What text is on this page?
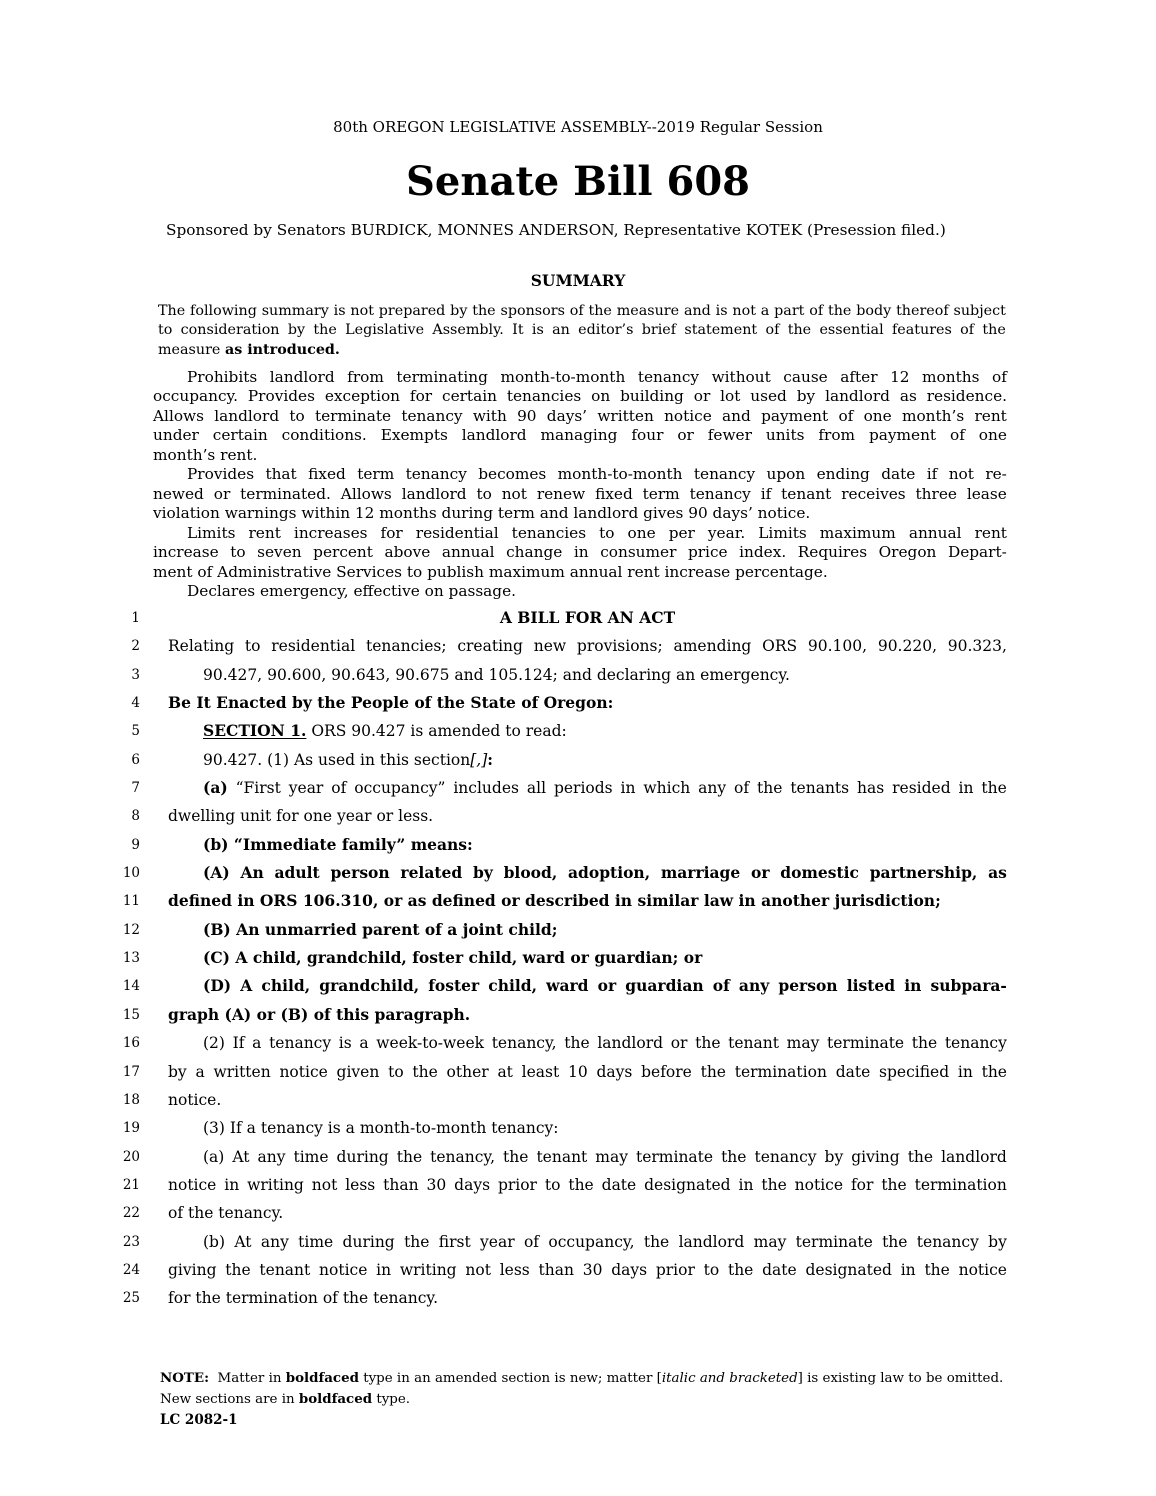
80th OREGON LEGISLATIVE ASSEMBLY--2019 Regular Session
Senate Bill 608
Sponsored by Senators BURDICK, MONNES ANDERSON, Representative KOTEK (Presession filed.)
SUMMARY
The following summary is not prepared by the sponsors of the measure and is not a part of the body thereof subject
to consideration by the Legislative Assembly. It is an editor’s brief statement of the essential features of the
measure as introduced.
Prohibits landlord from terminating month-to-month tenancy without cause after 12 months of
occupancy. Provides exception for certain tenancies on building or lot used by landlord as residence.
Allows landlord to terminate tenancy with 90 days’ written notice and payment of one month’s rent
under certain conditions. Exempts landlord managing four or fewer units from payment of one
month’s rent.
Provides that fixed term tenancy becomes month-to-month tenancy upon ending date if not re-
newed or terminated. Allows landlord to not renew fixed term tenancy if tenant receives three lease
violation warnings within 12 months during term and landlord gives 90 days’ notice.
Limits rent increases for residential tenancies to one per year. Limits maximum annual rent
increase to seven percent above annual change in consumer price index. Requires Oregon Depart-
ment of Administrative Services to publish maximum annual rent increase percentage.
Declares emergency, effective on passage.
1	A BILL FOR AN ACT
2 Relating to residential tenancies; creating new provisions; amending ORS 90.100, 90.220, 90.323,
3	90.427, 90.600, 90.643, 90.675 and 105.124; and declaring an emergency.
4 Be It Enacted by the People of the State of Oregon:
5	SECTION 1. ORS 90.427 is amended to read:
6	90.427. (1) As used in this section[,]:
7	(a) “First year of occupancy” includes all periods in which any of the tenants has resided in the
8 dwelling unit for one year or less.
9	(b) “Immediate family” means:
10	(A) An adult person related by blood, adoption, marriage or domestic partnership, as
11 defined in ORS 106.310, or as defined or described in similar law in another jurisdiction;
12	(B) An unmarried parent of a joint child;
13	(C) A child, grandchild, foster child, ward or guardian; or
14	(D) A child, grandchild, foster child, ward or guardian of any person listed in subpara-
15 graph (A) or (B) of this paragraph.
16	(2) If a tenancy is a week-to-week tenancy, the landlord or the tenant may terminate the tenancy
17 by a written notice given to the other at least 10 days before the termination date specified in the
18 notice.
19	(3) If a tenancy is a month-to-month tenancy:
20	(a) At any time during the tenancy, the tenant may terminate the tenancy by giving the landlord
21 notice in writing not less than 30 days prior to the date designated in the notice for the termination
22 of the tenancy.
23	(b) At any time during the first year of occupancy, the landlord may terminate the tenancy by
24 giving the tenant notice in writing not less than 30 days prior to the date designated in the notice
25 for the termination of the tenancy.
NOTE:  Matter in boldfaced type in an amended section is new; matter [italic and bracketed] is existing law to be omitted.
New sections are in boldfaced type.
LC 2082-1
